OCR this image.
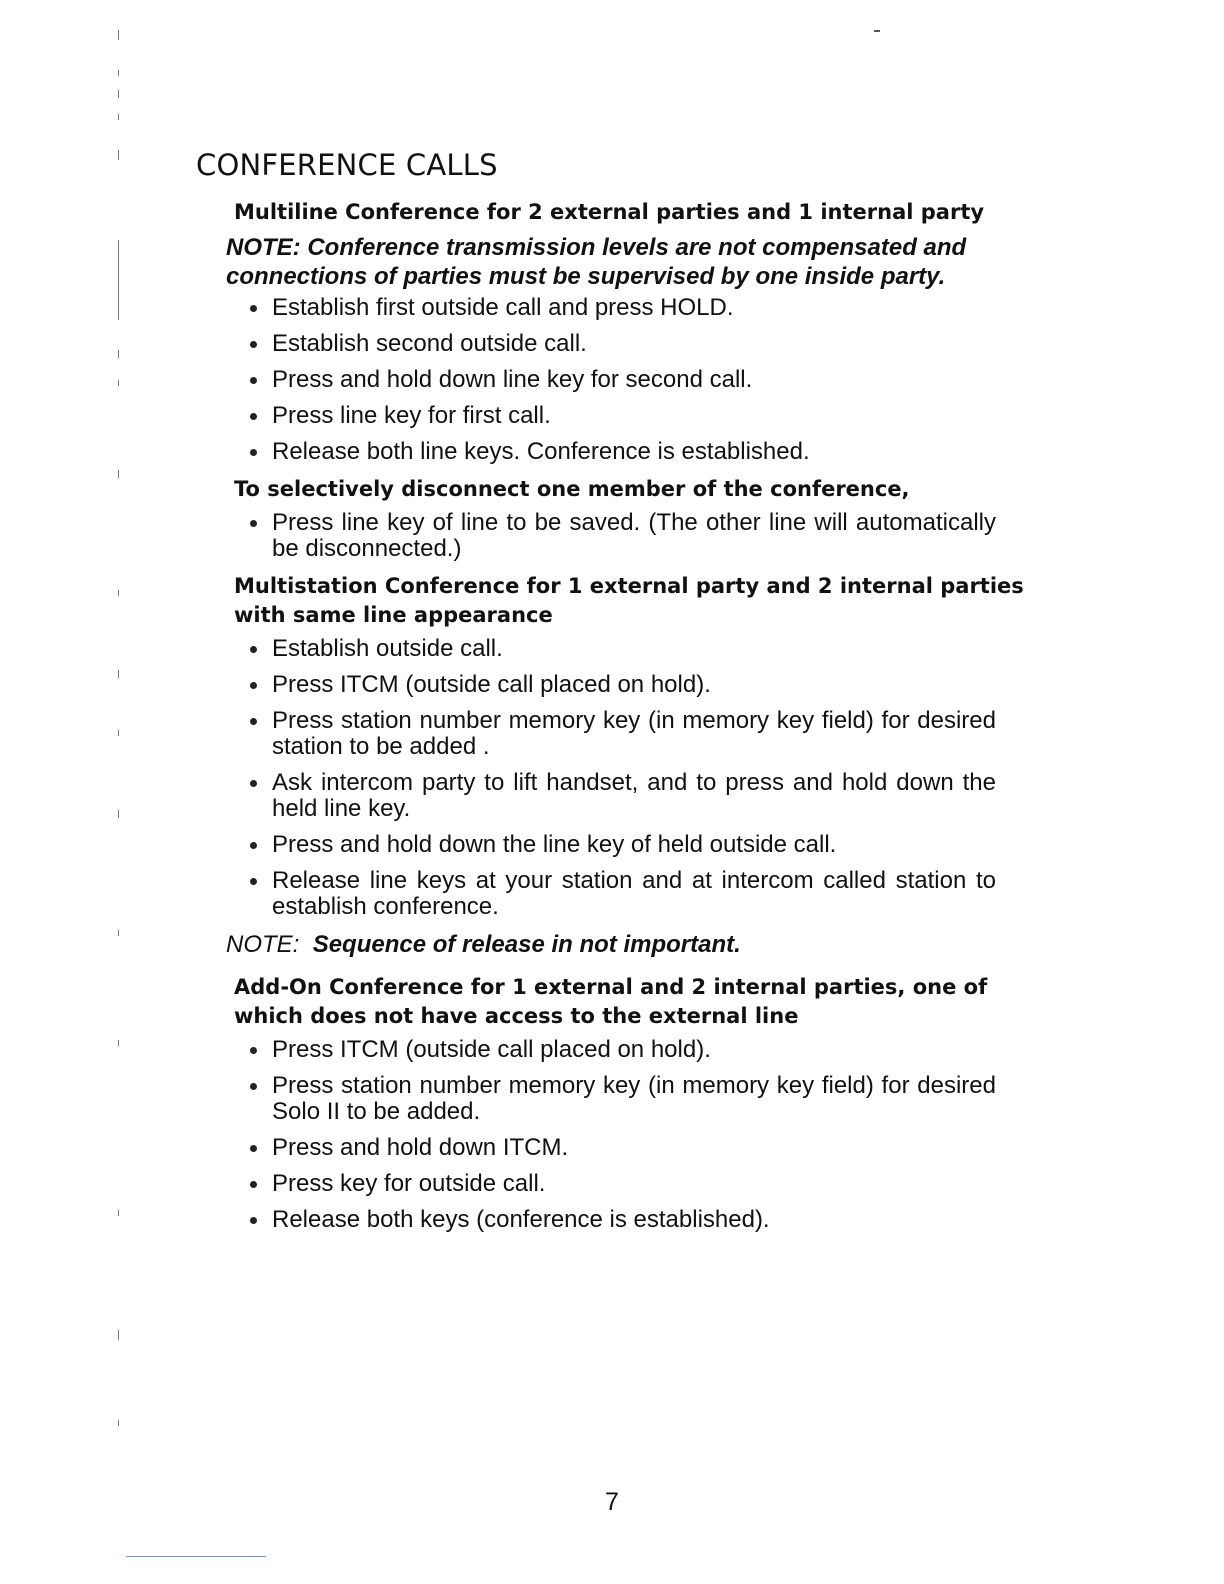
CONFERENCE CALLS
Multiline Conference for 2 external parties and 1 internal party
NOTE: Conference transmission levels are not compensated and connections of parties must be supervised by one inside party.
Establish first outside call and press HOLD.
Establish second outside call.
Press and hold down line key for second call.
Press line key for first call.
Release both line keys. Conference is established.
To selectively disconnect one member of the conference,
Press line key of line to be saved. (The other line will automatically be disconnected.)
Multistation Conference for 1 external party and 2 internal parties with same line appearance
Establish outside call.
Press ITCM (outside call placed on hold).
Press station number memory key (in memory key field) for desired station to be added .
Ask intercom party to lift handset, and to press and hold down the held line key.
Press and hold down the line key of held outside call.
Release line keys at your station and at intercom called station to establish conference.
NOTE: Sequence of release in not important.
Add-On Conference for 1 external and 2 internal parties, one of which does not have access to the external line
Press ITCM (outside call placed on hold).
Press station number memory key (in memory key field) for desired Solo II to be added.
Press and hold down ITCM.
Press key for outside call.
Release both keys (conference is established).
7
